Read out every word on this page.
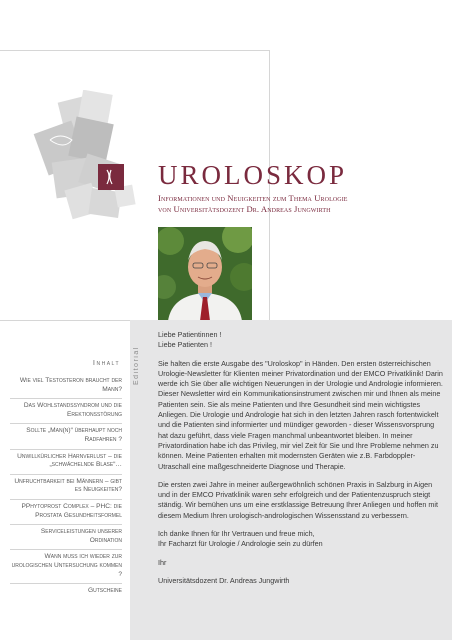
UROLOSKOP
Informationen und Neuigkeiten zum Thema Urologie
von Universitätsdozent Dr. Andreas Jungwirth
Editorial

Liebe Patientinnen !

Liebe Patienten !

Sie halten die erste Ausgabe des "Uroloskop" in Händen. Den ersten österreichischen Urologie-Newsletter für Klienten meiner Privatordination und der EMCO Privatklinik! Darin werde ich Sie über alle wichtigen Neuerungen in der Urologie und Andrologie informieren. Dieser Newsletter wird ein Kommunikationsinstrument zwischen mir und Ihnen als meine Patienten sein. Sie als meine Patienten und Ihre Gesundheit sind mein wichtigstes Anliegen. Die Urologie und Andrologie hat sich in den letzten Jahren rasch fortentwickelt und die Patienten sind informierter und mündiger geworden - dieser Wissensvorsprung hat dazu geführt, dass viele Fragen manchmal unbeantwortet bleiben. In meiner Privatordination habe ich das Privileg, mir viel Zeit für Sie und Ihre Probleme nehmen zu können. Meine Patienten erhalten mit modernsten Geräten wie z.B. Farbdoppler-Utraschall eine maßgeschneiderte Diagnose und Therapie.

Die ersten zwei Jahre in meiner außergewöhnlich schönen Praxis in Salzburg in Aigen und in der EMCO Privatklinik waren sehr erfolgreich und der Patientenzuspruch steigt ständig. Wir bemühen uns um eine erstklassige Betreuung Ihrer Anliegen und hoffen mit diesem Medium Ihren urologisch-andrologischen Wissensstand zu verbessern.

Ich danke Ihnen für Ihr Vertrauen und freue mich,

Ihr Facharzt für Urologie / Andrologie sein zu dürfen

Ihr

Universitätsdozent Dr. Andreas Jungwirth

Inhalt
Wie viel Testosteron braucht der Mann?
Das Wohlstandssyndrom und die Erektionsstörung
Sollte „Man(n)“ überhaupt noch Radfahren ?
Unwillkürlicher Harnverlust – die „schwächelnde Blase“…
Unfruchtbarkeit bei Männern – gibt es Neuigkeiten?
PPhytoprost Complex – PHC: die Prostata Gesundheitsformel
Serviceleistungen unserer Ordination
Wann muss ich wieder zur urologischen Untersuchung kommen ?
Gutscheine
